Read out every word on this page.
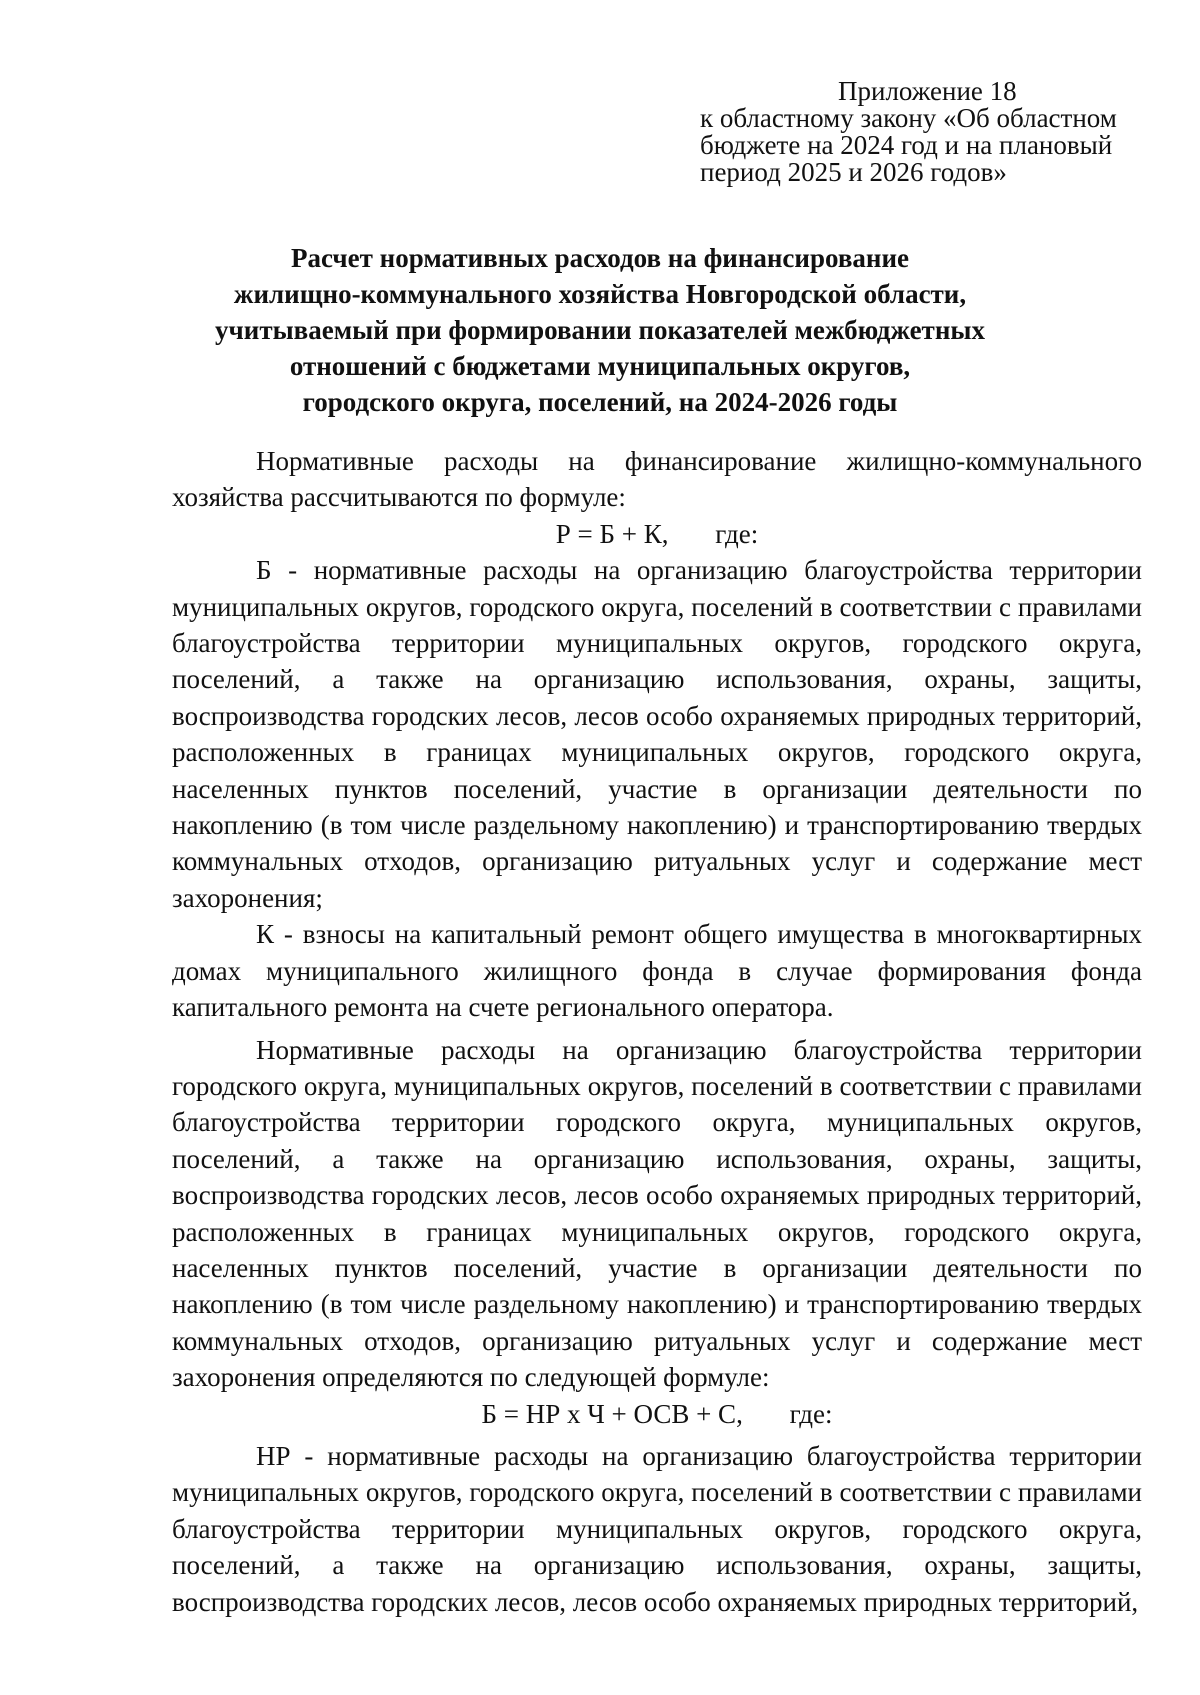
Приложение 18
к областному закону «Об областном
бюджете на 2024 год и на плановый
период 2025 и 2026 годов»
Расчет нормативных расходов на финансирование
жилищно-коммунального хозяйства Новгородской области,
учитываемый при формировании показателей межбюджетных
отношений с бюджетами муниципальных округов,
городского округа, поселений, на 2024-2026 годы

Нормативные расходы на финансирование жилищно-коммунального хозяйства рассчитываются по формуле:

Р = Б + К, где:

Б - нормативные расходы на организацию благоустройства территории муниципальных округов, городского округа, поселений в соответствии с правилами благоустройства территории муниципальных округов, городского округа, поселений, а также на организацию использования, охраны, защиты, воспроизводства городских лесов, лесов особо охраняемых природных территорий, расположенных в границах муниципальных округов, городского округа, населенных пунктов поселений, участие в организации деятельности по накоплению (в том числе раздельному накоплению) и транспортированию твердых коммунальных отходов, организацию ритуальных услуг и содержание мест захоронения;

К - взносы на капитальный ремонт общего имущества в многоквартирных домах муниципального жилищного фонда в случае формирования фонда капитального ремонта на счете регионального оператора.

Нормативные расходы на организацию благоустройства территории городского округа, муниципальных округов, поселений в соответствии с правилами благоустройства территории городского округа, муниципальных округов, поселений, а также на организацию использования, охраны, защиты, воспроизводства городских лесов, лесов особо охраняемых природных территорий, расположенных в границах муниципальных округов, городского округа, населенных пунктов поселений, участие в организации деятельности по накоплению (в том числе раздельному накоплению) и транспортированию твердых коммунальных отходов, организацию ритуальных услуг и содержание мест захоронения определяются по следующей формуле:

Б = НР х Ч + ОСВ + С, где:

НР - нормативные расходы на организацию благоустройства территории муниципальных округов, городского округа, поселений в соответствии с правилами благоустройства территории муниципальных округов, городского округа, поселений, а также на организацию использования, охраны, защиты, воспроизводства городских лесов, лесов особо охраняемых природных территорий,
